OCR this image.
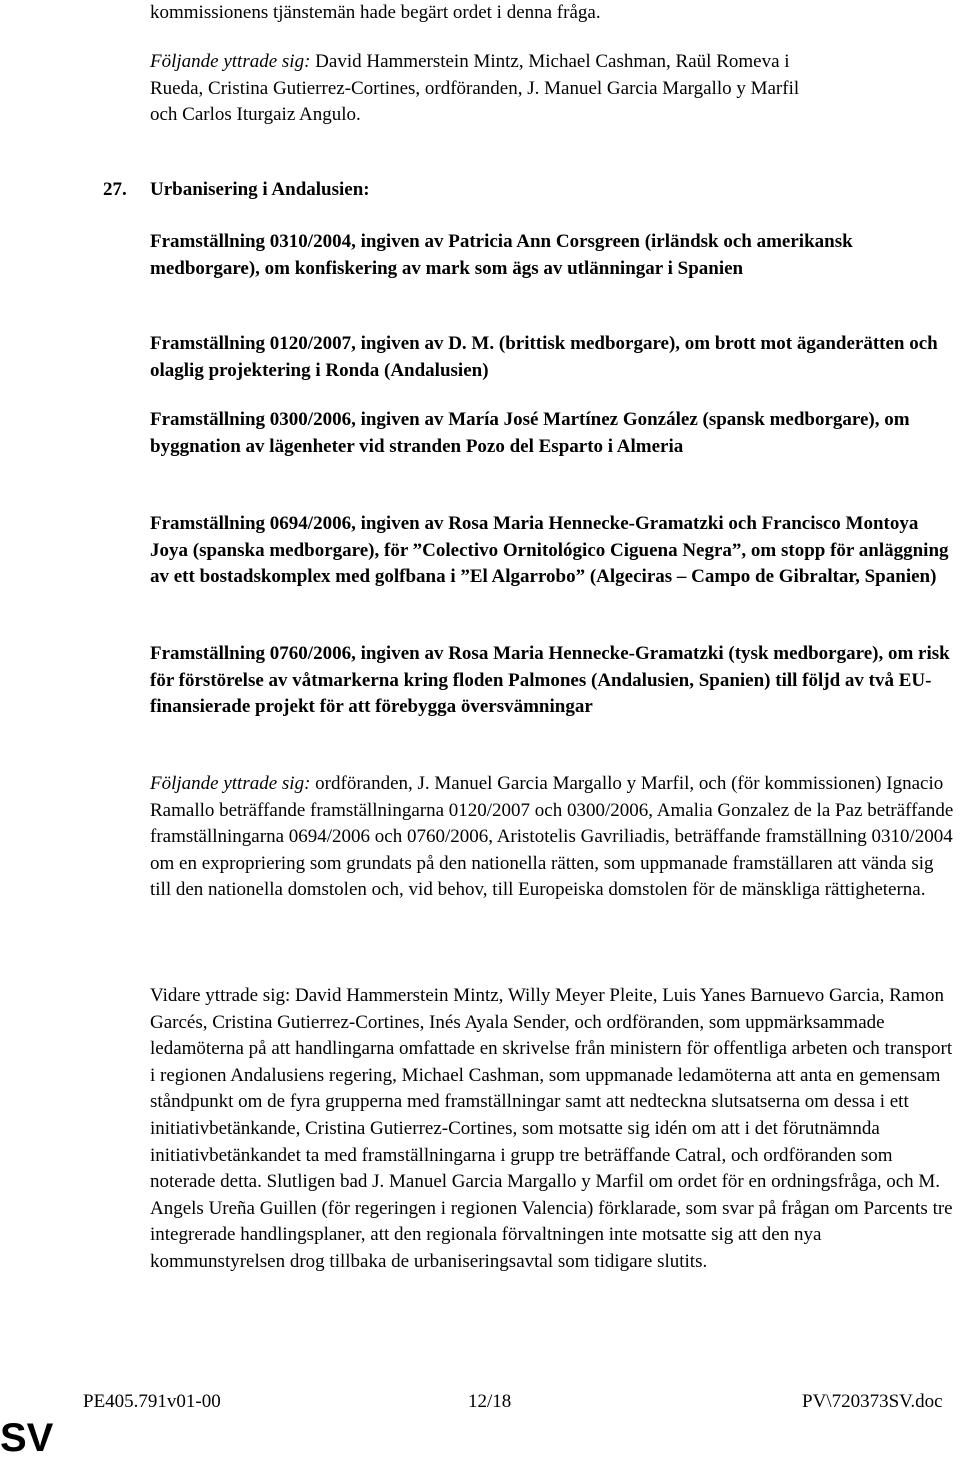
kommissionens tjänstemän hade begärt ordet i denna fråga.

Följande yttrade sig: David Hammerstein Mintz, Michael Cashman, Raül Romeva i Rueda, Cristina Gutierrez-Cortines, ordföranden, J. Manuel Garcia Margallo y Marfil och Carlos Iturgaiz Angulo.

27. Urbanisering i Andalusien:

Framställning 0310/2004, ingiven av Patricia Ann Corsgreen (irländsk och amerikansk medborgare), om konfiskering av mark som ägs av utlänningar i Spanien

Framställning 0120/2007, ingiven av D. M. (brittisk medborgare), om brott mot äganderätten och olaglig projektering i Ronda (Andalusien)

Framställning 0300/2006, ingiven av María José Martínez González (spansk medborgare), om byggnation av lägenheter vid stranden Pozo del Esparto i Almeria

Framställning 0694/2006, ingiven av Rosa Maria Hennecke-Gramatzki och Francisco Montoya Joya (spanska medborgare), för ”Colectivo Ornitológico Ciguena Negra”, om stopp för anläggning av ett bostadskomplex med golfbana i ”El Algarrobo” (Algeciras – Campo de Gibraltar, Spanien)

Framställning 0760/2006, ingiven av Rosa Maria Hennecke-Gramatzki (tysk medborgare), om risk för förstörelse av våtmarkerna kring floden Palmones (Andalusien, Spanien) till följd av två EU-finansierade projekt för att förebygga översvämningar

Följande yttrade sig: ordföranden, J. Manuel Garcia Margallo y Marfil, och (för kommissionen) Ignacio Ramallo beträffande framställningarna 0120/2007 och 0300/2006, Amalia Gonzalez de la Paz beträffande framställningarna 0694/2006 och 0760/2006, Aristotelis Gavriliadis, beträffande framställning 0310/2004 om en expropriering som grundats på den nationella rätten, som uppmanade framställaren att vända sig till den nationella domstolen och, vid behov, till Europeiska domstolen för de mänskliga rättigheterna.

Vidare yttrade sig: David Hammerstein Mintz, Willy Meyer Pleite, Luis Yanes Barnuevo Garcia, Ramon Garcés, Cristina Gutierrez-Cortines, Inés Ayala Sender, och ordföranden, som uppmärksammade ledamöterna på att handlingarna omfattade en skrivelse från ministern för offentliga arbeten och transport i regionen Andalusiens regering, Michael Cashman, som uppmanade ledamöterna att anta en gemensam ståndpunkt om de fyra grupperna med framställningar samt att nedteckna slutsatserna om dessa i ett initiativbetänkande, Cristina Gutierrez-Cortines, som motsatte sig idén om att i det förutnämnda initiativbetänkandet ta med framställningarna i grupp tre beträffande Catral, och ordföranden som noterade detta. Slutligen bad J. Manuel Garcia Margallo y Marfil om ordet för en ordningsfråga, och M. Angels Ureña Guillen (för regeringen i regionen Valencia) förklarade, som svar på frågan om Parcents tre integrerade handlingsplaner, att den regionala förvaltningen inte motsatte sig att den nya kommunstyrelsen drog tillbaka de urbaniseringsavtal som tidigare slutits.

PE405.791v01-00	12/18	PV\720373SV.doc
SV
